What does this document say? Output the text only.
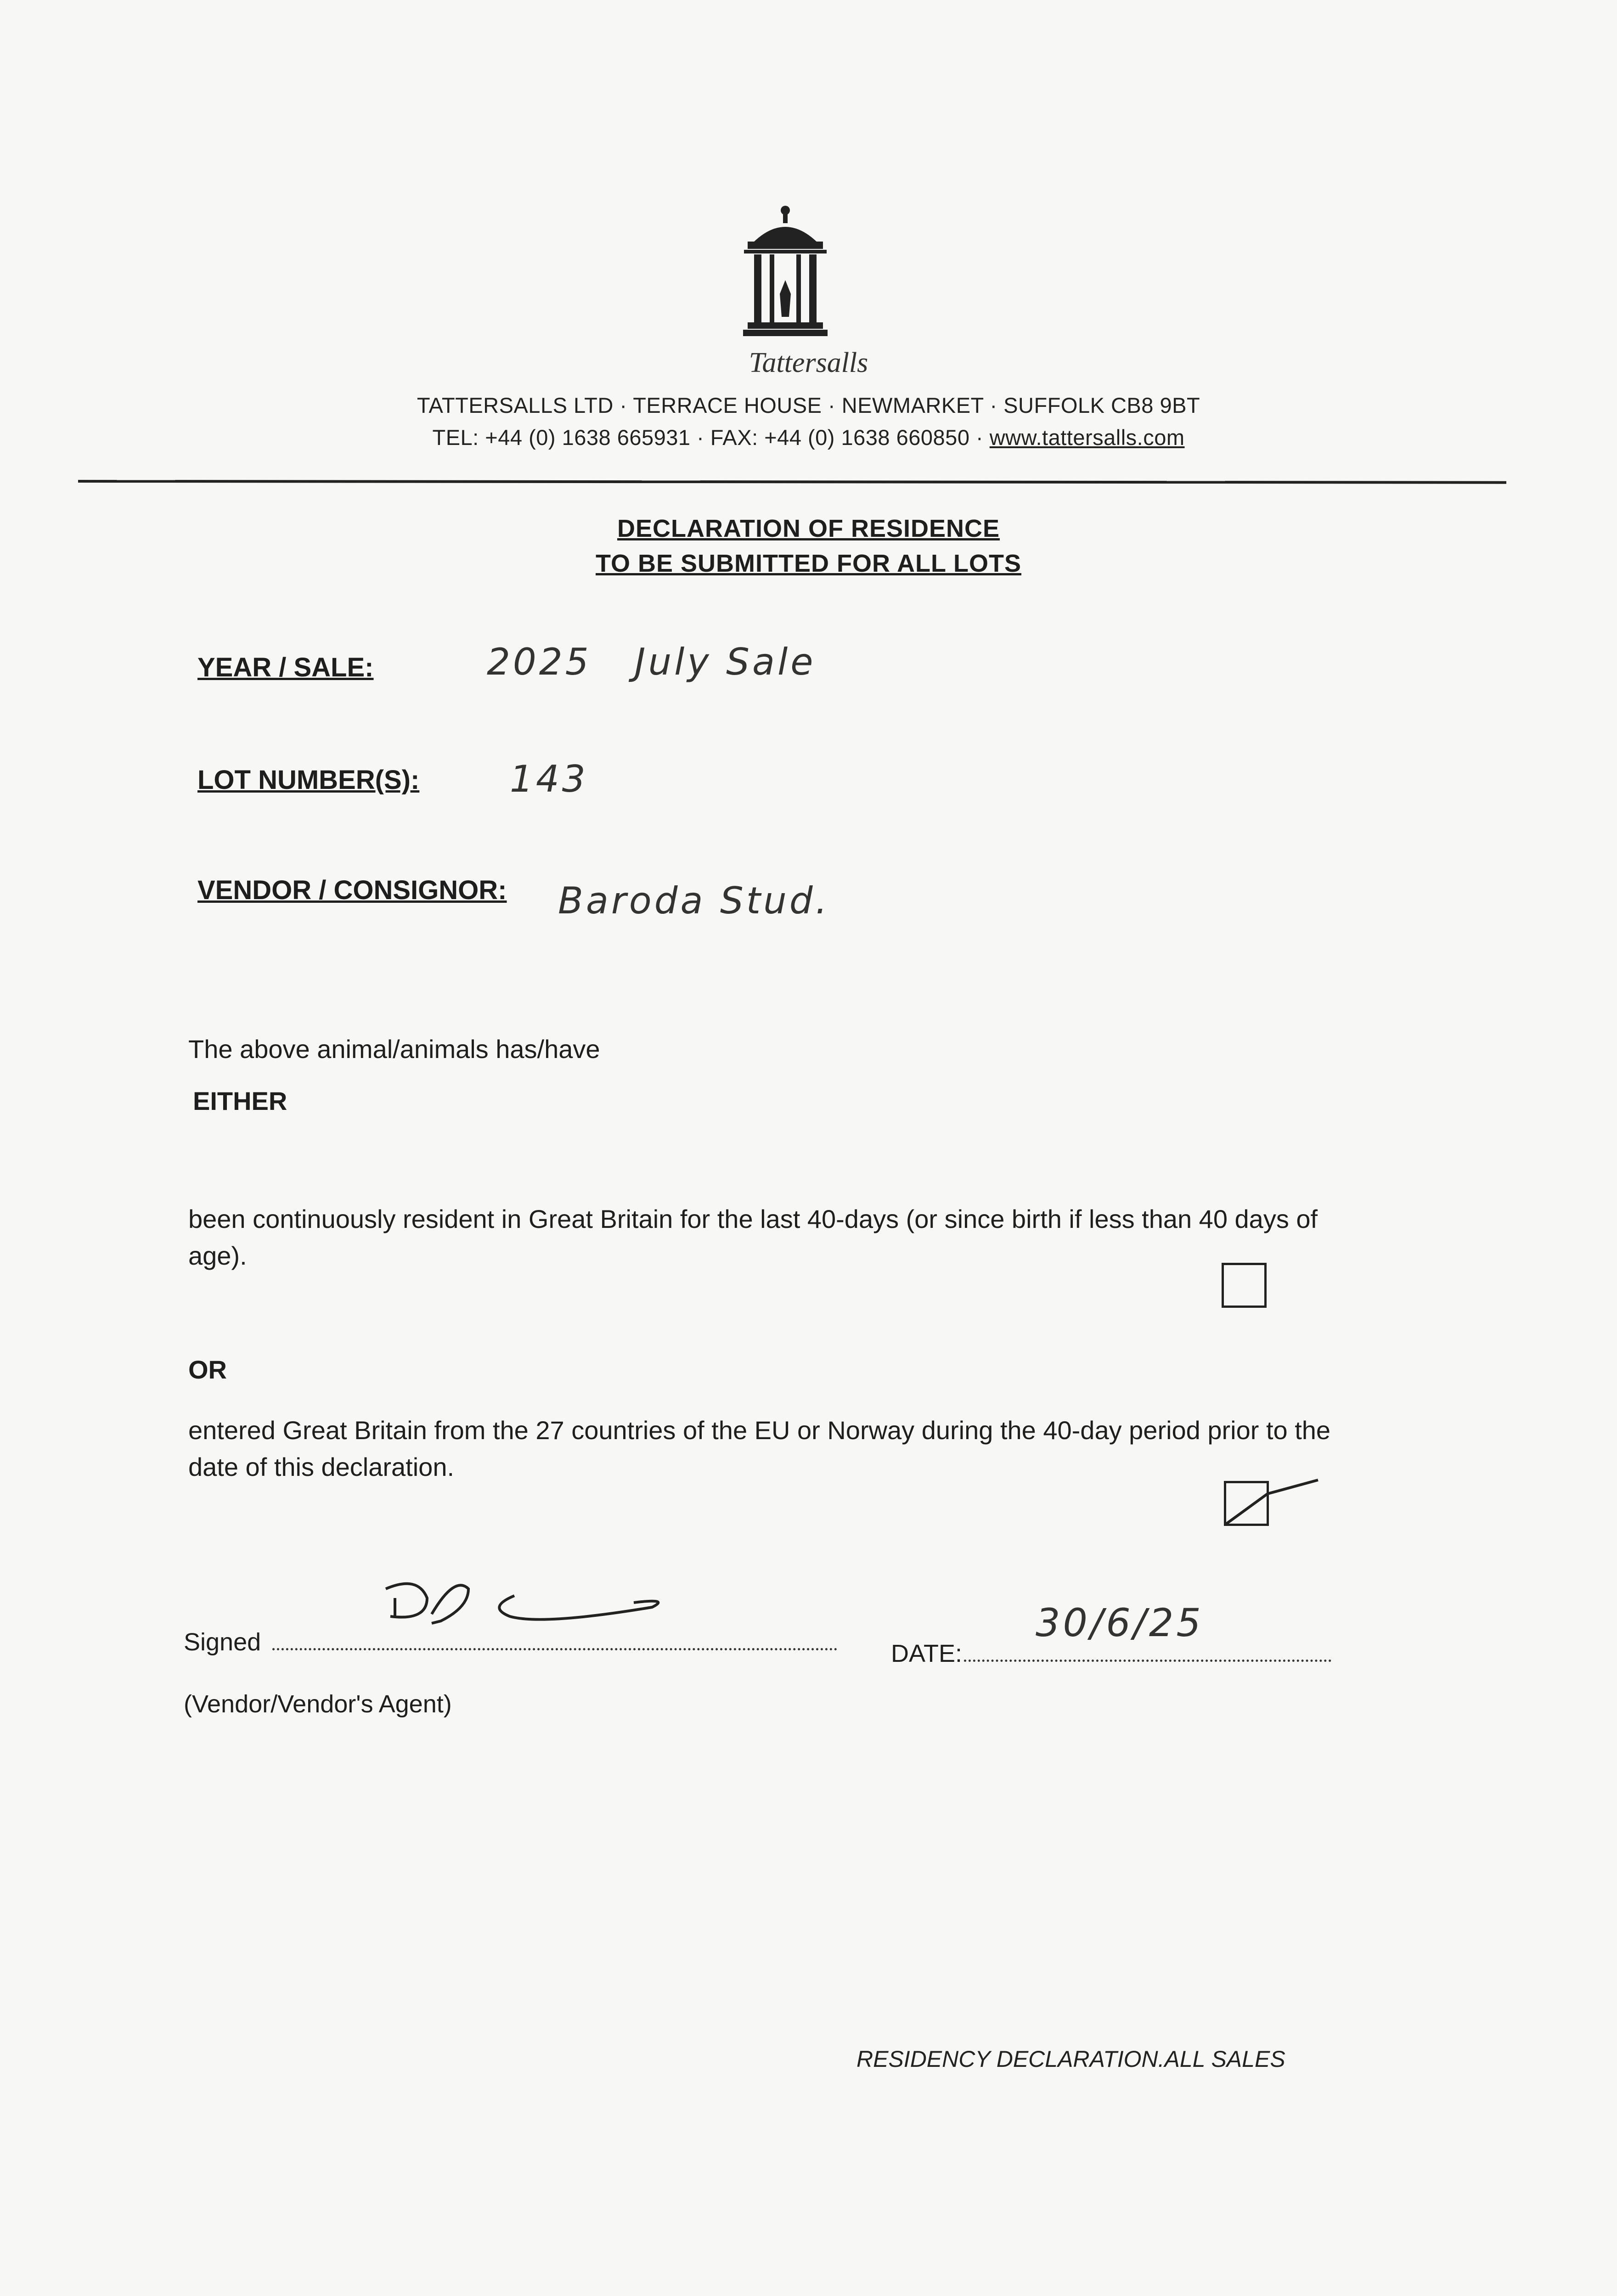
Tattersalls
TATTERSALLS LTD · TERRACE HOUSE · NEWMARKET · SUFFOLK CB8 9BT
TEL: +44 (0) 1638 665931 · FAX: +44 (0) 1638 660850 · www.tattersalls.com
DECLARATION OF RESIDENCE
TO BE SUBMITTED FOR ALL LOTS
YEAR / SALE:	2025   July Sale
LOT NUMBER(S): 143
VENDOR / CONSIGNOR: Baroda Stud.
The above animal/animals has/have
EITHER
been continuously resident in Great Britain for the last 40-days (or since birth if less than 40 days of age).
OR
entered Great Britain from the 27 countries of the EU or Norway during the 40-day period prior to the date of this declaration.
Signed	DATE:
30/6/25
(Vendor/Vendor's Agent)
RESIDENCY DECLARATION.ALL SALES
